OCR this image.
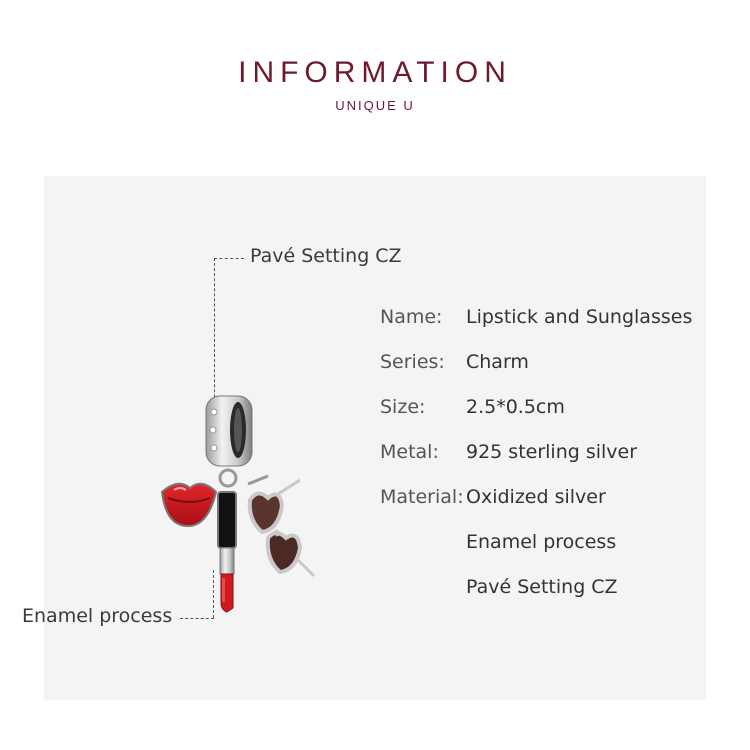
INFORMATION
UNIQUE U
Pavé Setting CZ
Enamel process
Name: Lipstick and Sunglasses
Series: Charm
Size: 2.5*0.5cm
Metal: 925 sterling silver
Material: Oxidized silver
Enamel process
Pavé Setting CZ
